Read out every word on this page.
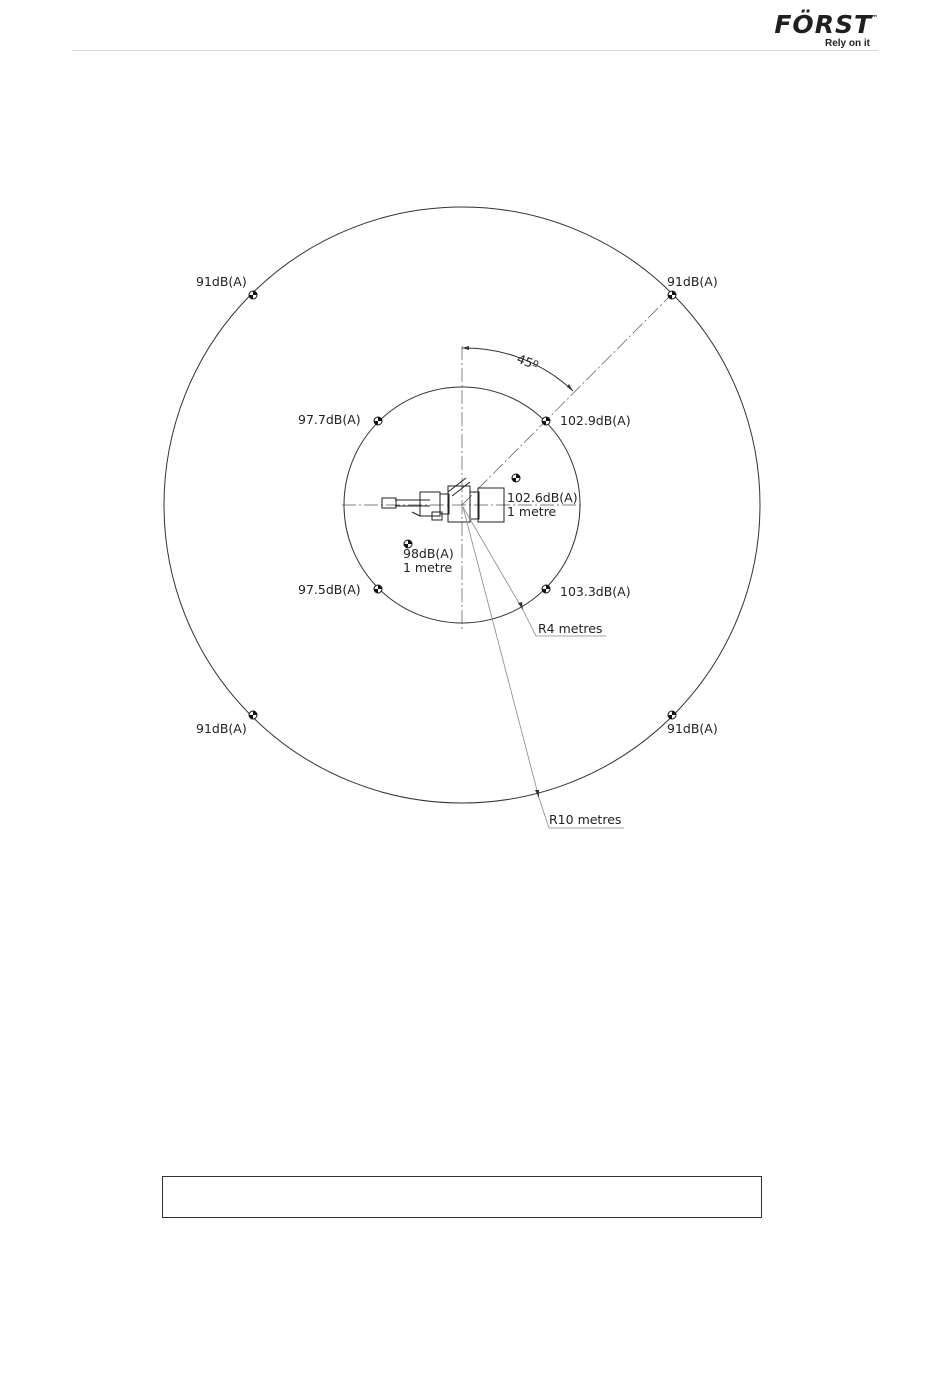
FÖRST ™
Rely on it
45º
R4 metres
R10 metres
91dB(A)	91dB(A)
91dB(A)	91dB(A)
97.7dB(A)	102.9dB(A)
97.5dB(A)	103.3dB(A)
102.6dB(A)
1 metre
98dB(A)
1 metre
